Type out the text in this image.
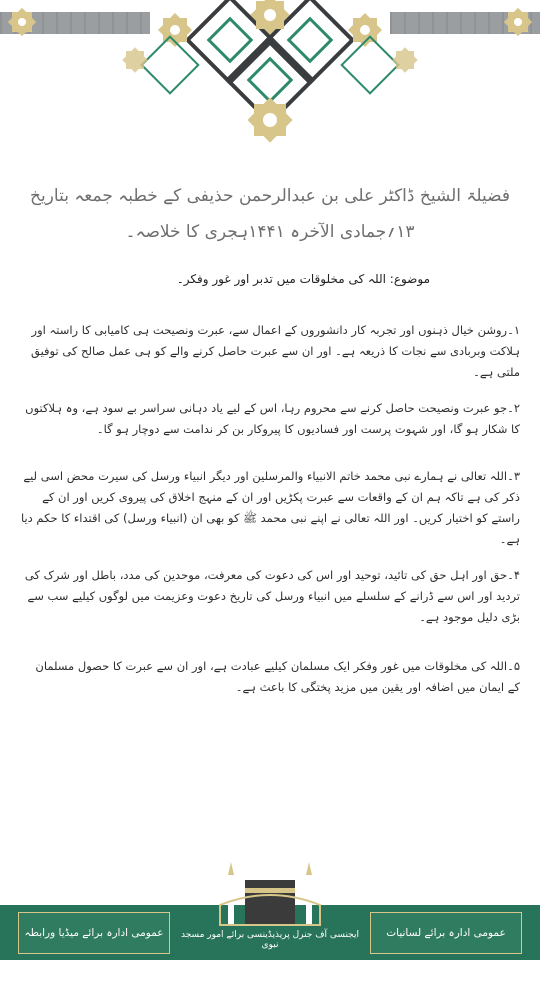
فضیلۃ الشیخ ڈاکٹر علی بن عبدالرحمن حذیفی کے خطبہ جمعہ بتاریخ ۱۳؍جمادی الآخرہ ۱۴۴۱ہجری کا خلاصہ۔
موضوع: اللہ کی مخلوقات میں تدبر اور غور وفکر۔
۱۔روشن خیال ذہنوں اور تجربہ کار دانشوروں کے اعمال سے، عبرت ونصیحت ہی کامیابی کا راستہ اور ہلاکت وبربادی سے نجات کا ذریعہ ہے۔ اور ان سے عبرت حاصل کرنے والے کو ہی عمل صالح کی توفیق ملتی ہے۔
۲۔جو عبرت ونصیحت حاصل کرنے سے محروم رہا، اس کے لیے یاد دہانی سراسر بے سود ہے، وہ ہلاکتوں کا شکار ہو گا، اور شہوت پرست اور فسادیوں کا پیروکار بن کر ندامت سے دوچار ہو گا۔
۳۔اللہ تعالی نے ہمارے نبی محمد خاتم الانبیاء والمرسلین اور دیگر انبیاء ورسل کی سیرت محض اسی لیے ذکر کی ہے تاکہ ہم ان کے واقعات سے عبرت پکڑیں اور ان کے منہج اخلاق کی پیروی کریں اور ان کے راستے کو اختیار کریں۔ اور اللہ تعالی نے اپنے نبی محمد ﷺ کو بھی ان (انبیاء ورسل) کی اقتداء کا حکم دیا ہے۔
۴۔حق اور اہل حق کی تائید، توحید اور اس کی دعوت کی معرفت، موحدین کی مدد، باطل اور شرک کی تردید اور اس سے ڈرانے کے سلسلے میں انبیاء ورسل کی تاریخ دعوت وعزیمت میں لوگوں کیلیے سب سے بڑی دلیل موجود ہے۔
۵۔اللہ کی مخلوقات میں غور وفکر ایک مسلمان کیلیے عبادت ہے، اور ان سے عبرت کا حصول مسلمان کے ایمان میں اضافہ اور یقین میں مزید پختگی کا باعث ہے۔
عمومی ادارہ برائے میڈیا ورابطہ	عمومی ادارہ برائے لسانیات وترجمہ
ایجنسی آف جنرل پریذیڈینسی برائے امور مسجد نبوی
